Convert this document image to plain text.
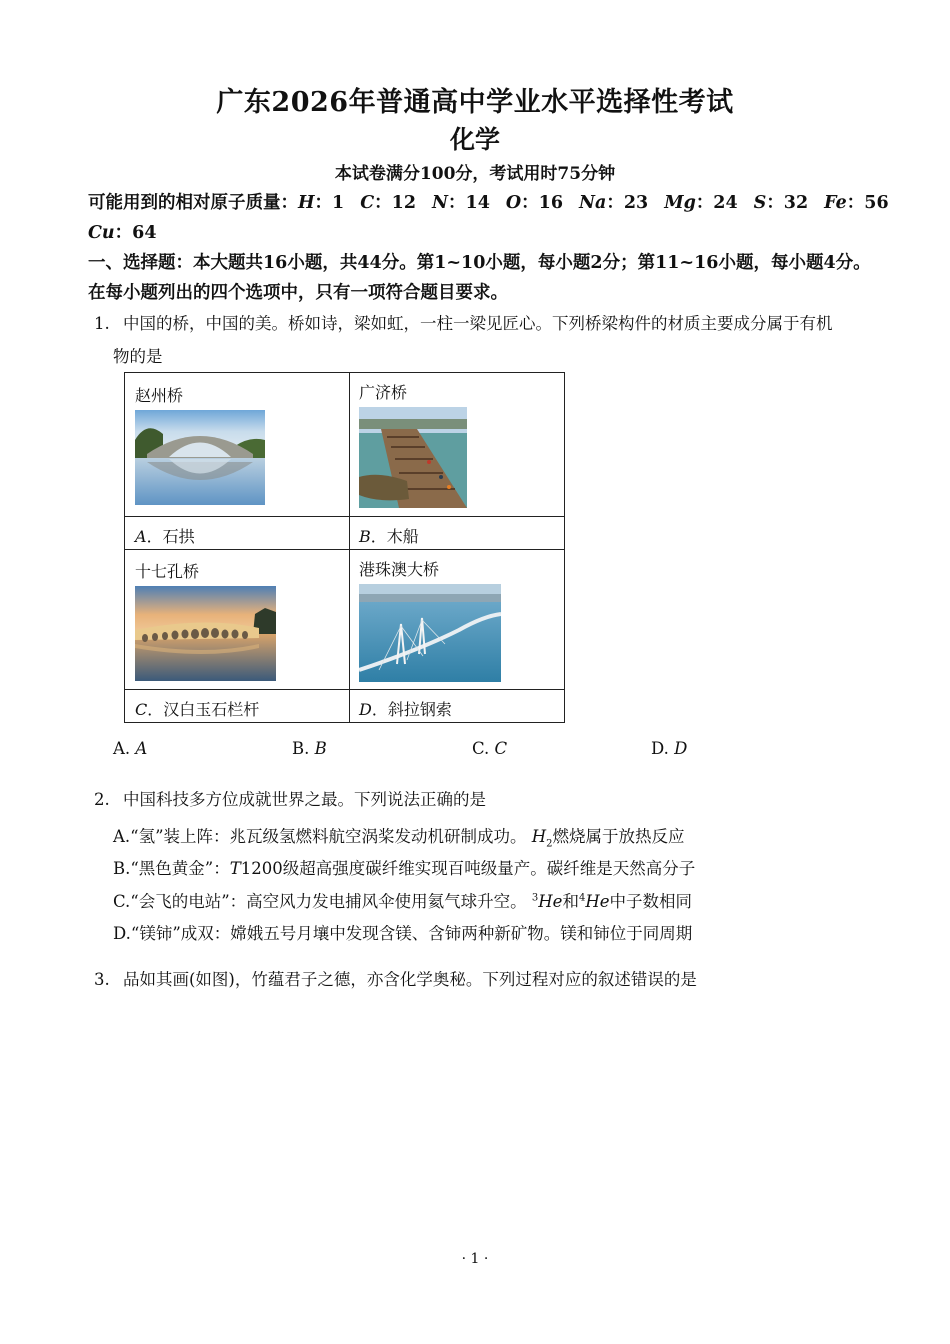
广东2026年普通高中学业水平选择性考试
化学
本试卷满分100分，考试用时75分钟
可能用到的相对原子质量：H：1 C：12 N：14 O：16 Na：23 Mg：24 S：32 Fe：56
Cu：64
一、选择题：本大题共16小题，共44分。第1~10小题，每小题2分；第11~16小题，每小题4分。
在每小题列出的四个选项中，只有一项符合题目要求。
1. 中国的桥，中国的美。桥如诗，梁如虹，一柱一梁见匠心。下列桥梁构件的材质主要成分属于有机
物的是
赵州桥
A．石拱
广济桥
B．木船
十七孔桥
C．汉白玉石栏杆
港珠澳大桥
D．斜拉钢索
A. A	B. B	C. C	D. D
2. 中国科技多方位成就世界之最。下列说法正确的是
A.“氢”装上阵：兆瓦级氢燃料航空涡桨发动机研制成功。 $H_2$燃烧属于放热反应
B.“黑色黄金”：T1200级超高强度碳纤维实现百吨级量产。碳纤维是天然高分子
C.“会飞的电站”：高空风力发电捕风伞使用氦气球升空。 $^3$He和$^4$He中子数相同
D.“镁铈”成双：嫦娥五号月壤中发现含镁、含铈两种新矿物。镁和铈位于同周期
3. 品如其画(如图)，竹蕴君子之德，亦含化学奥秘。下列过程对应的叙述错误的是
· 1 ·
